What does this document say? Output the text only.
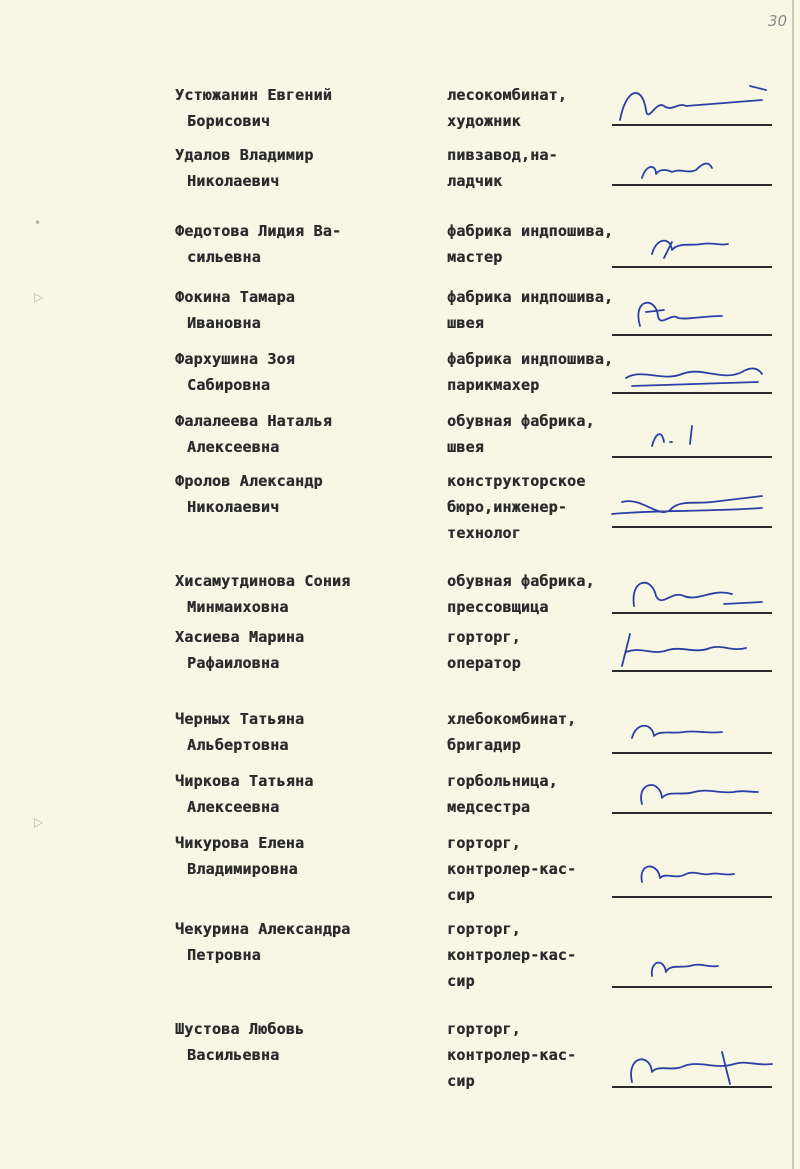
30
•
▷
▷
Устюжанин Евгений
Борисович
лесокомбинат,
художник
Удалов Владимир
Николаевич
пивзавод,на-
ладчик
Федотова Лидия Ва-
сильевна
фабрика индпошива,
мастер
Фокина Тамара
Ивановна
фабрика индпошива,
швея
Фархушина Зоя
Сабировна
фабрика индпошива,
парикмахер
Фалалеева Наталья
Алексеевна
обувная фабрика,
швея
Фролов Александр
Николаевич
конструкторское
бюро,инженер-
технолог
Хисамутдинова Сония
Минмаиховна
обувная фабрика,
прессовщица
Хасиева Марина
Рафаиловна
горторг,
оператор
Черных Татьяна
Альбертовна
хлебокомбинат,
бригадир
Чиркова Татьяна
Алексеевна
горбольница,
медсестра
Чикурова Елена
Владимировна
горторг,
контролер-кас-
сир
Чекурина Александра
Петровна
горторг,
контролер-кас-
сир
Шустова Любовь
Васильевна
горторг,
контролер-кас-
сир
